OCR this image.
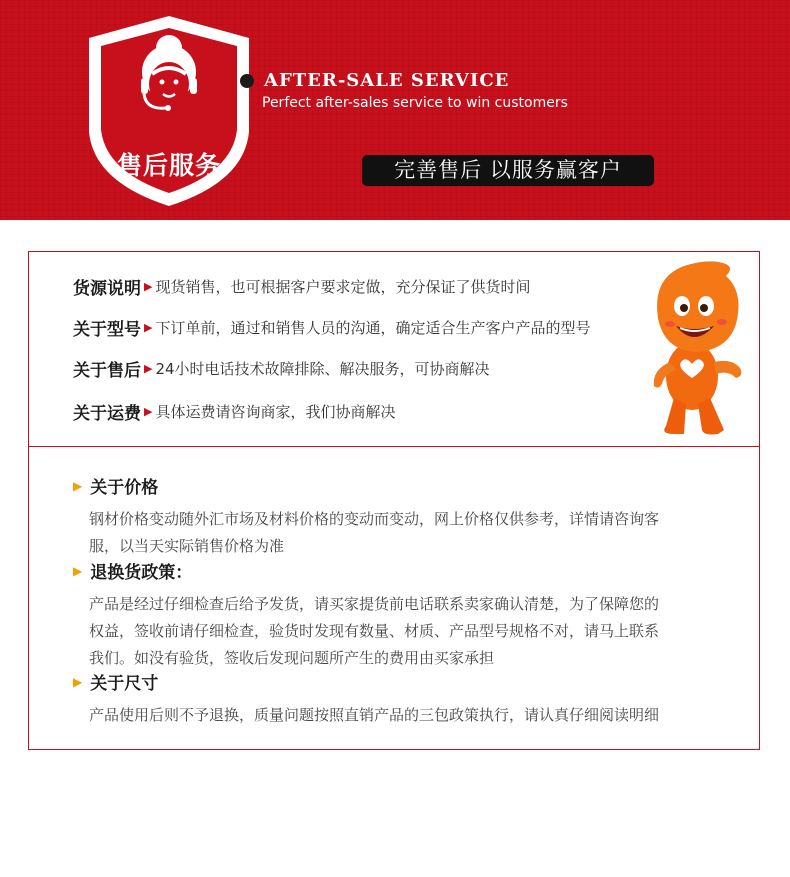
售后服务
AFTER-SALE SERVICE
Perfect after-sales service to win customers
完善售后 以服务赢客户
货源说明 ▶ 现货销售，也可根据客户要求定做，充分保证了供货时间
关于型号 ▶ 下订单前，通过和销售人员的沟通，确定适合生产客户产品的型号
关于售后 ▶ 24小时电话技术故障排除、解决服务，可协商解决
关于运费 ▶ 具体运费请咨询商家，我们协商解决
▶ 关于价格
钢材价格变动随外汇市场及材料价格的变动而变动，网上价格仅供参考，详情请咨询客
服，以当天实际销售价格为准
▶ 退换货政策：
产品是经过仔细检查后给予发货，请买家提货前电话联系卖家确认清楚，为了保障您的
权益，签收前请仔细检查，验货时发现有数量、材质、产品型号规格不对，请马上联系
我们。如没有验货，签收后发现问题所产生的费用由买家承担
▶ 关于尺寸
产品使用后则不予退换，质量问题按照直销产品的三包政策执行，请认真仔细阅读明细
